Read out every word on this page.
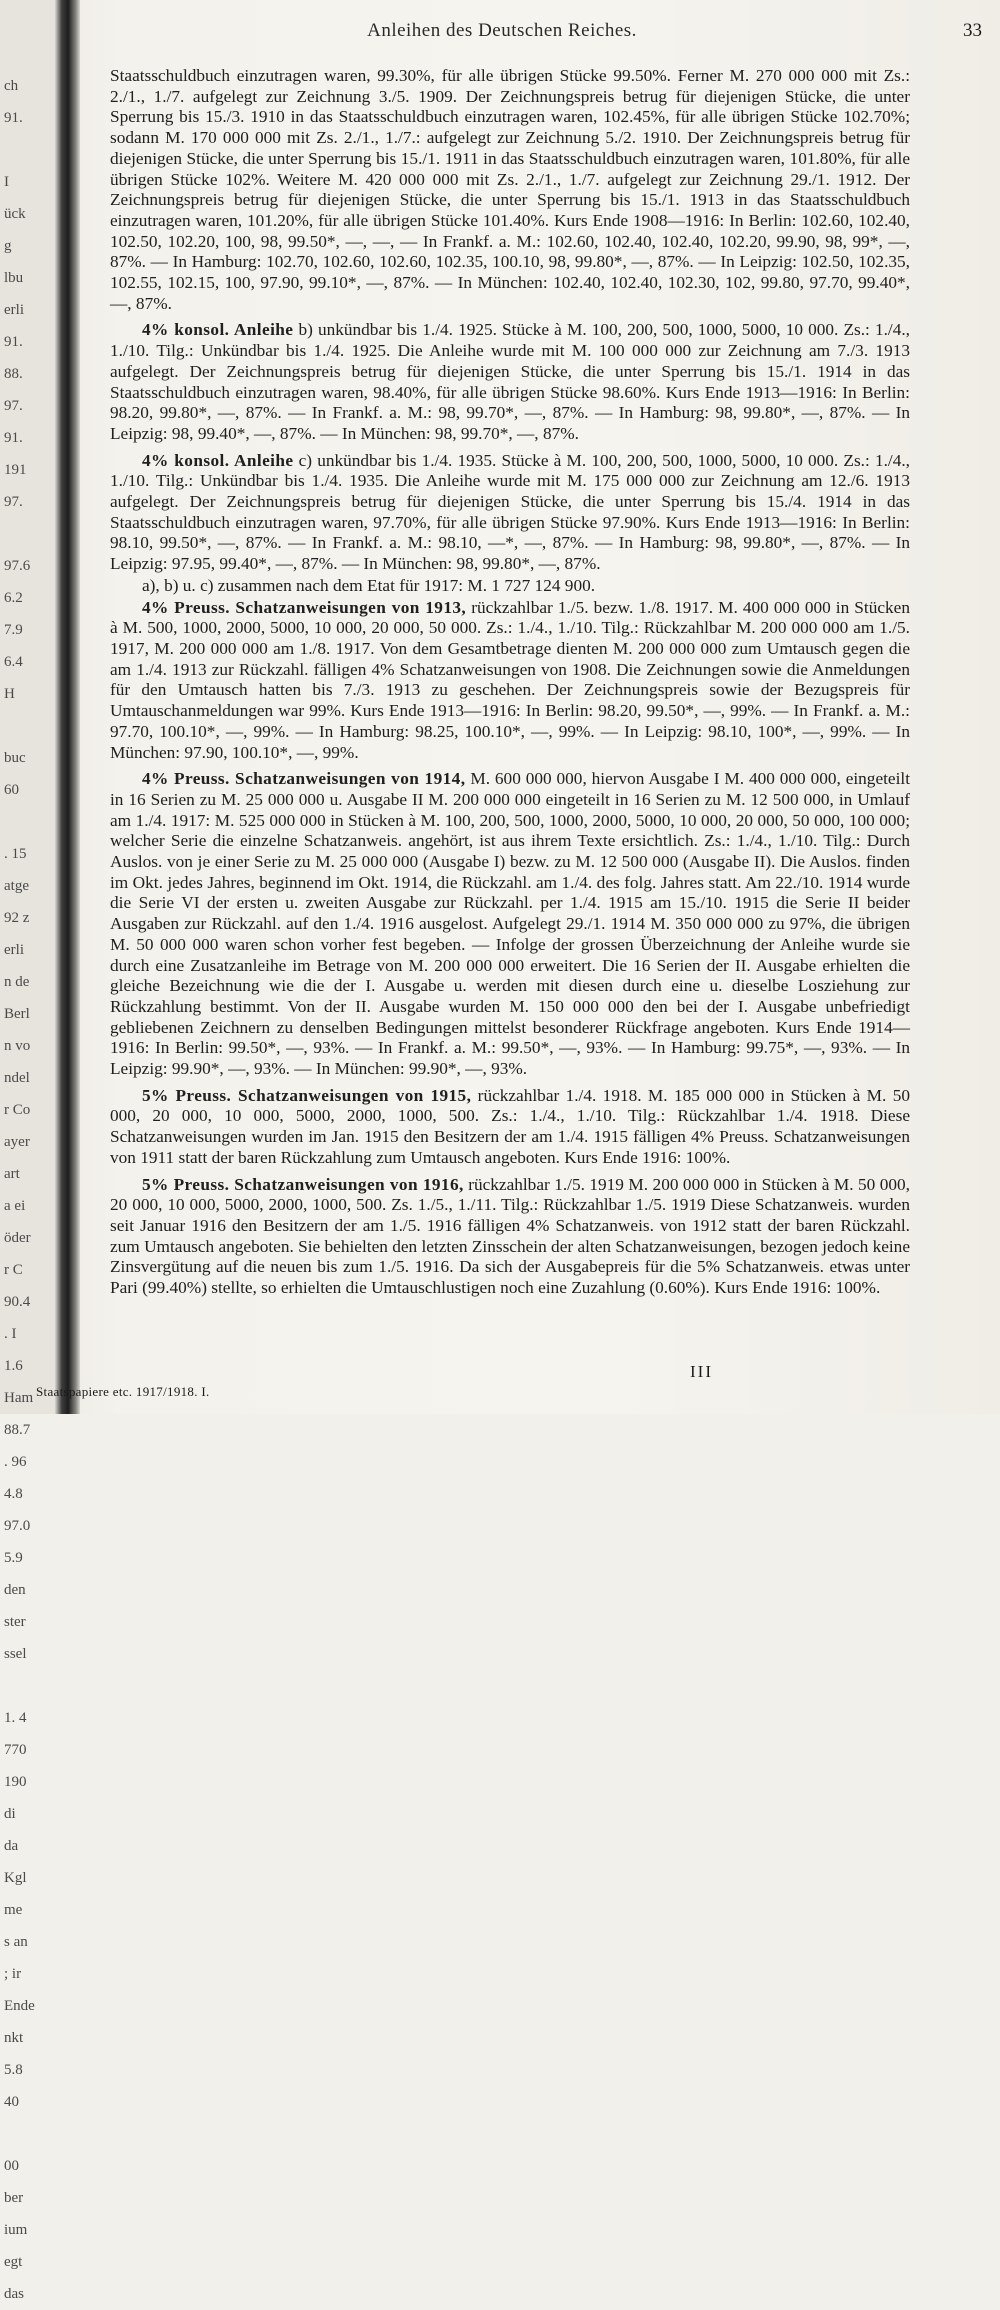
ch
91.

I
ück
g
lbu
erli
91.
88.
97.
91.
191
97.

97.6
6.2
7.9
6.4
H

buc
60

. 15
atge
92 z
erli
n de
Berl
n vo
ndel
r Co
ayer
art
a ei
öder
r C
90.4
. I
1.6
Ham
88.7
. 96
4.8
97.0
5.9
den
ster
ssel

1. 4
770
190
di
da
Kgl
me
s an
; ir
Ende
nkt
5.8
40

00
ber
ium
egt
das
Anleihen des Deutschen Reiches.	33

Staatsschuldbuch einzutragen waren, 99.30%, für alle übrigen Stücke 99.50%. Ferner M. 270 000 000 mit Zs.: 2./1., 1./7. aufgelegt zur Zeichnung 3./5. 1909. Der Zeichnungspreis betrug für diejenigen Stücke, die unter Sperrung bis 15./3. 1910 in das Staatsschuldbuch einzutragen waren, 102.45%, für alle übrigen Stücke 102.70%; sodann M. 170 000 000 mit Zs. 2./1., 1./7.: aufgelegt zur Zeichnung 5./2. 1910. Der Zeichnungspreis betrug für diejenigen Stücke, die unter Sperrung bis 15./1. 1911 in das Staatsschuldbuch einzutragen waren, 101.80%, für alle übrigen Stücke 102%. Weitere M. 420 000 000 mit Zs. 2./1., 1./7. aufgelegt zur Zeichnung 29./1. 1912. Der Zeichnungspreis betrug für diejenigen Stücke, die unter Sperrung bis 15./1. 1913 in das Staatsschuldbuch einzutragen waren, 101.20%, für alle übrigen Stücke 101.40%. Kurs Ende 1908—1916: In Berlin: 102.60, 102.40, 102.50, 102.20, 100, 98, 99.50*, —, —, — In Frankf. a. M.: 102.60, 102.40, 102.40, 102.20, 99.90, 98, 99*, —, 87%. — In Hamburg: 102.70, 102.60, 102.60, 102.35, 100.10, 98, 99.80*, —, 87%. — In Leipzig: 102.50, 102.35, 102.55, 102.15, 100, 97.90, 99.10*, —, 87%. — In München: 102.40, 102.40, 102.30, 102, 99.80, 97.70, 99.40*, —, 87%.

4% konsol. Anleihe b) unkündbar bis 1./4. 1925. Stücke à M. 100, 200, 500, 1000, 5000, 10 000. Zs.: 1./4., 1./10. Tilg.: Unkündbar bis 1./4. 1925. Die Anleihe wurde mit M. 100 000 000 zur Zeichnung am 7./3. 1913 aufgelegt. Der Zeichnungspreis betrug für diejenigen Stücke, die unter Sperrung bis 15./1. 1914 in das Staatsschuldbuch einzutragen waren, 98.40%, für alle übrigen Stücke 98.60%. Kurs Ende 1913—1916: In Berlin: 98.20, 99.80*, —, 87%. — In Frankf. a. M.: 98, 99.70*, —, 87%. — In Hamburg: 98, 99.80*, —, 87%. — In Leipzig: 98, 99.40*, —, 87%. — In München: 98, 99.70*, —, 87%.

4% konsol. Anleihe c) unkündbar bis 1./4. 1935. Stücke à M. 100, 200, 500, 1000, 5000, 10 000. Zs.: 1./4., 1./10. Tilg.: Unkündbar bis 1./4. 1935. Die Anleihe wurde mit M. 175 000 000 zur Zeichnung am 12./6. 1913 aufgelegt. Der Zeichnungspreis betrug für diejenigen Stücke, die unter Sperrung bis 15./4. 1914 in das Staatsschuldbuch einzutragen waren, 97.70%, für alle übrigen Stücke 97.90%. Kurs Ende 1913—1916: In Berlin: 98.10, 99.50*, —, 87%. — In Frankf. a. M.: 98.10, —*, —, 87%. — In Hamburg: 98, 99.80*, —, 87%. — In Leipzig: 97.95, 99.40*, —, 87%. — In München: 98, 99.80*, —, 87%.

a), b) u. c) zusammen nach dem Etat für 1917: M. 1 727 124 900.

4% Preuss. Schatzanweisungen von 1913, rückzahlbar 1./5. bezw. 1./8. 1917. M. 400 000 000 in Stücken à M. 500, 1000, 2000, 5000, 10 000, 20 000, 50 000. Zs.: 1./4., 1./10. Tilg.: Rückzahlbar M. 200 000 000 am 1./5. 1917, M. 200 000 000 am 1./8. 1917. Von dem Gesamtbetrage dienten M. 200 000 000 zum Umtausch gegen die am 1./4. 1913 zur Rückzahl. fälligen 4% Schatzanweisungen von 1908. Die Zeichnungen sowie die Anmeldungen für den Umtausch hatten bis 7./3. 1913 zu geschehen. Der Zeichnungspreis sowie der Bezugspreis für Umtauschanmeldungen war 99%. Kurs Ende 1913—1916: In Berlin: 98.20, 99.50*, —, 99%. — In Frankf. a. M.: 97.70, 100.10*, —, 99%. — In Hamburg: 98.25, 100.10*, —, 99%. — In Leipzig: 98.10, 100*, —, 99%. — In München: 97.90, 100.10*, —, 99%.

4% Preuss. Schatzanweisungen von 1914, M. 600 000 000, hiervon Ausgabe I M. 400 000 000, eingeteilt in 16 Serien zu M. 25 000 000 u. Ausgabe II M. 200 000 000 eingeteilt in 16 Serien zu M. 12 500 000, in Umlauf am 1./4. 1917: M. 525 000 000 in Stücken à M. 100, 200, 500, 1000, 2000, 5000, 10 000, 20 000, 50 000, 100 000; welcher Serie die einzelne Schatzanweis. angehört, ist aus ihrem Texte ersichtlich. Zs.: 1./4., 1./10. Tilg.: Durch Auslos. von je einer Serie zu M. 25 000 000 (Ausgabe I) bezw. zu M. 12 500 000 (Ausgabe II). Die Auslos. finden im Okt. jedes Jahres, beginnend im Okt. 1914, die Rückzahl. am 1./4. des folg. Jahres statt. Am 22./10. 1914 wurde die Serie VI der ersten u. zweiten Ausgabe zur Rückzahl. per 1./4. 1915 am 15./10. 1915 die Serie II beider Ausgaben zur Rückzahl. auf den 1./4. 1916 ausgelost. Aufgelegt 29./1. 1914 M. 350 000 000 zu 97%, die übrigen M. 50 000 000 waren schon vorher fest begeben. — Infolge der grossen Überzeichnung der Anleihe wurde sie durch eine Zusatzanleihe im Betrage von M. 200 000 000 erweitert. Die 16 Serien der II. Ausgabe erhielten die gleiche Bezeichnung wie die der I. Ausgabe u. werden mit diesen durch eine u. dieselbe Losziehung zur Rückzahlung bestimmt. Von der II. Ausgabe wurden M. 150 000 000 den bei der I. Ausgabe unbefriedigt gebliebenen Zeichnern zu denselben Bedingungen mittelst besonderer Rückfrage angeboten. Kurs Ende 1914—1916: In Berlin: 99.50*, —, 93%. — In Frankf. a. M.: 99.50*, —, 93%. — In Hamburg: 99.75*, —, 93%. — In Leipzig: 99.90*, —, 93%. — In München: 99.90*, —, 93%.

5% Preuss. Schatzanweisungen von 1915, rückzahlbar 1./4. 1918. M. 185 000 000 in Stücken à M. 50 000, 20 000, 10 000, 5000, 2000, 1000, 500. Zs.: 1./4., 1./10. Tilg.: Rückzahlbar 1./4. 1918. Diese Schatzanweisungen wurden im Jan. 1915 den Besitzern der am 1./4. 1915 fälligen 4% Preuss. Schatzanweisungen von 1911 statt der baren Rückzahlung zum Umtausch angeboten. Kurs Ende 1916: 100%.

5% Preuss. Schatzanweisungen von 1916, rückzahlbar 1./5. 1919 M. 200 000 000 in Stücken à M. 50 000, 20 000, 10 000, 5000, 2000, 1000, 500. Zs. 1./5., 1./11. Tilg.: Rückzahlbar 1./5. 1919 Diese Schatzanweis. wurden seit Januar 1916 den Besitzern der am 1./5. 1916 fälligen 4% Schatzanweis. von 1912 statt der baren Rückzahl. zum Umtausch angeboten. Sie behielten den letzten Zinsschein der alten Schatzanweisungen, bezogen jedoch keine Zinsvergütung auf die neuen bis zum 1./5. 1916. Da sich der Ausgabepreis für die 5% Schatzanweis. etwas unter Pari (99.40%) stellte, so erhielten die Umtauschlustigen noch eine Zuzahlung (0.60%). Kurs Ende 1916: 100%.

III
Staatspapiere etc. 1917/1918. I.
